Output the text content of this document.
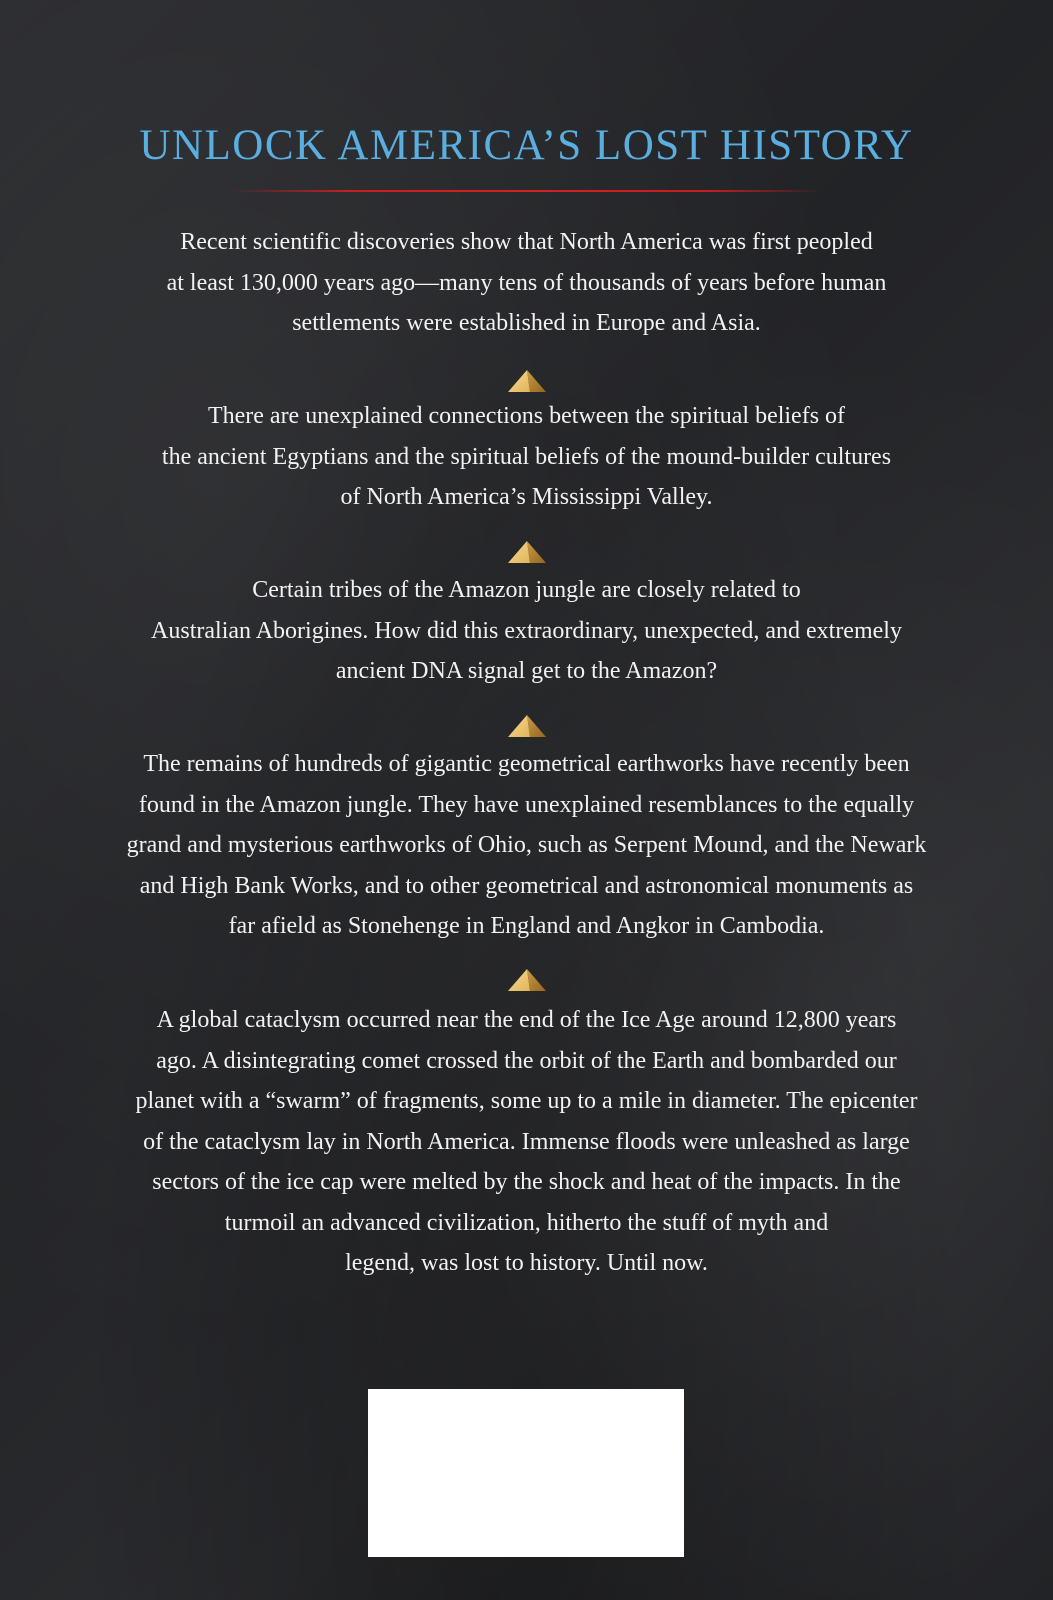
UNLOCK AMERICA’S LOST HISTORY

Recent scientific discoveries show that North America was first peopled
at least 130,000 years ago—many tens of thousands of years before human
settlements were established in Europe and Asia.

There are unexplained connections between the spiritual beliefs of
the ancient Egyptians and the spiritual beliefs of the mound-builder cultures
of North America’s Mississippi Valley.

Certain tribes of the Amazon jungle are closely related to
Australian Aborigines. How did this extraordinary, unexpected, and extremely
ancient DNA signal get to the Amazon?

The remains of hundreds of gigantic geometrical earthworks have recently been
found in the Amazon jungle. They have unexplained resemblances to the equally
grand and mysterious earthworks of Ohio, such as Serpent Mound, and the Newark
and High Bank Works, and to other geometrical and astronomical monuments as
far afield as Stonehenge in England and Angkor in Cambodia.

A global cataclysm occurred near the end of the Ice Age around 12,800 years
ago. A disintegrating comet crossed the orbit of the Earth and bombarded our
planet with a “swarm” of fragments, some up to a mile in diameter. The epicenter
of the cataclysm lay in North America. Immense floods were unleashed as large
sectors of the ice cap were melted by the shock and heat of the impacts. In the
turmoil an advanced civilization, hitherto the stuff of myth and
legend, was lost to history. Until now.
